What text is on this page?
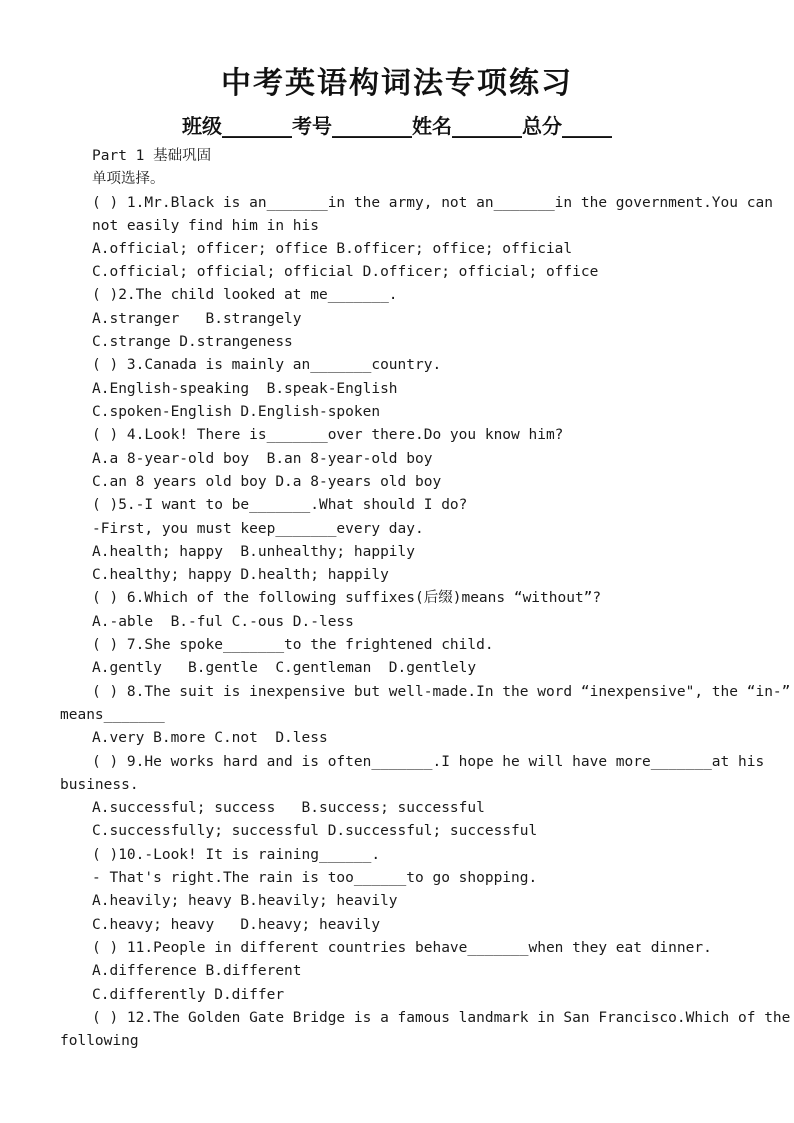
中考英语构词法专项练习
班级_______考号________姓名_______总分_____
Part 1 基础巩固
单项选择。
( ) 1.Mr.Black is an_______in the army, not an_______in the government.You can
not easily find him in his
A.official; officer; office B.officer; office; official
C.official; official; official D.officer; official; office
( )2.The child looked at me_______.
A.stranger   B.strangely
C.strange D.strangeness
( ) 3.Canada is mainly an_______country.
A.English-speaking  B.speak-English
C.spoken-English D.English-spoken
( ) 4.Look! There is_______over there.Do you know him?
A.a 8-year-old boy  B.an 8-year-old boy
C.an 8 years old boy D.a 8-years old boy
( )5.-I want to be_______.What should I do?
-First, you must keep_______every day.
A.health; happy  B.unhealthy; happily
C.healthy; happy D.health; happily
( ) 6.Which of the following suffixes(后缀)means “without”?
A.-able  B.-ful C.-ous D.-less
( ) 7.She spoke_______to the frightened child.
A.gently   B.gentle  C.gentleman  D.gentlely
( ) 8.The suit is inexpensive but well-made.In the word “inexpensive", the “in-”
means_______
A.very B.more C.not  D.less
( ) 9.He works hard and is often_______.I hope he will have more_______at his
business.
A.successful; success   B.success; successful
C.successfully; successful D.successful; successful
( )10.-Look! It is raining______.
- That's right.The rain is too______to go shopping.
A.heavily; heavy B.heavily; heavily
C.heavy; heavy   D.heavy; heavily
( ) 11.People in different countries behave_______when they eat dinner.
A.difference B.different
C.differently D.differ
( ) 12.The Golden Gate Bridge is a famous landmark in San Francisco.Which of the
following
